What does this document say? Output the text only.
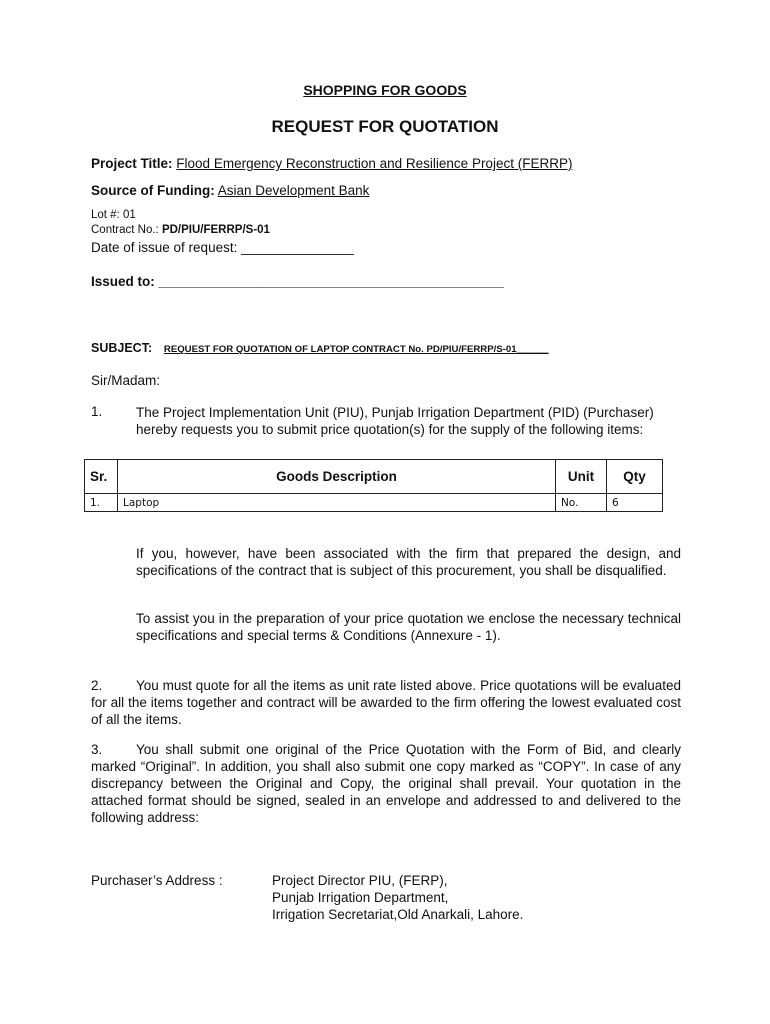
SHOPPING FOR GOODS
REQUEST FOR QUOTATION
Project Title: Flood Emergency Reconstruction and Resilience Project (FERRP)
Source of Funding: Asian Development Bank
Lot #: 01
Contract No.: PD/PIU/FERRP/S-01
Date of issue of request: _______________
Issued to: ______________________________________________
SUBJECT: REQUEST FOR QUOTATION OF LAPTOP CONTRACT No. PD/PIU/FERRP/S-01______
Sir/Madam:
1. The Project Implementation Unit (PIU), Punjab Irrigation Department (PID) (Purchaser)
hereby requests you to submit price quotation(s) for the supply of the following items:
Sr.	Goods Description	Unit	Qty
1.	Laptop	No.	6
If you, however, have been associated with the firm that prepared the design, and specifications of the contract that is subject of this procurement, you shall be disqualified.
To assist you in the preparation of your price quotation we enclose the necessary technical specifications and special terms & Conditions (Annexure - 1).
2. You must quote for all the items as unit rate listed above. Price quotations will be evaluated for all the items together and contract will be awarded to the firm offering the lowest evaluated cost of all the items.
3. You shall submit one original of the Price Quotation with the Form of Bid, and clearly marked “Original”. In addition, you shall also submit one copy marked as “COPY”. In case of any discrepancy between the Original and Copy, the original shall prevail. Your quotation in the attached format should be signed, sealed in an envelope and addressed to and delivered to the following address:
Purchaser’s Address :	Project Director PIU, (FERP),
Punjab Irrigation Department,
Irrigation Secretariat,Old Anarkali, Lahore.
